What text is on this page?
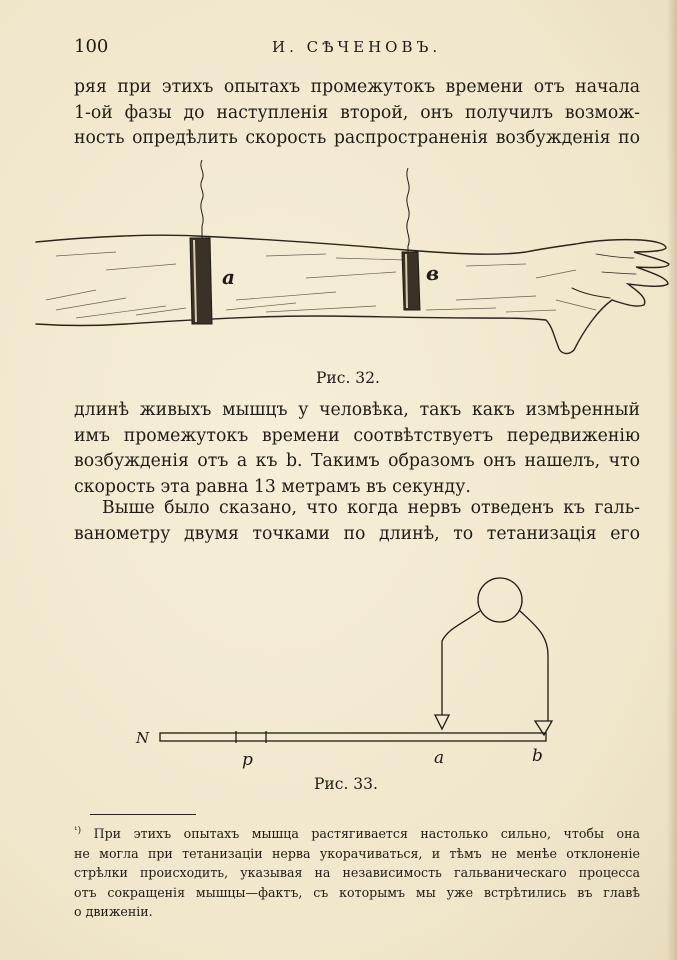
100	И. СѢЧЕНОВЪ.
ряя при этихъ опытахъ промежутокъ времени отъ начала
1-ой фазы до наступленія второй, онъ получилъ возмож-
ность опредѣлить скорость распространенія возбужденія по
a	в
Рис. 32.
длинѣ живыхъ мышцъ у человѣка, такъ какъ измѣренный
имъ промежутокъ времени соотвѣтствуетъ передвиженію
возбужденія отъ а къ b. Такимъ образомъ онъ нашелъ, что
скорость эта равна 13 метрамъ въ секунду.
Выше было сказано, что когда нервъ отведенъ къ галь-
ванометру двумя точками по длинѣ, то тетанизація его
N
p	a	b
Рис. 33.
$^{^1)}$ При этихъ опытахъ мышца растягивается настолько сильно, чтобы она
не могла при тетанизаціи нерва укорачиваться, и тѣмъ не менѣе отклоненіе
стрѣлки происходить, указывая на независимость гальваническаго процесса
отъ сокращенія мышцы—фактъ, съ которымъ мы уже встрѣтились въ главѣ
о движеніи.
